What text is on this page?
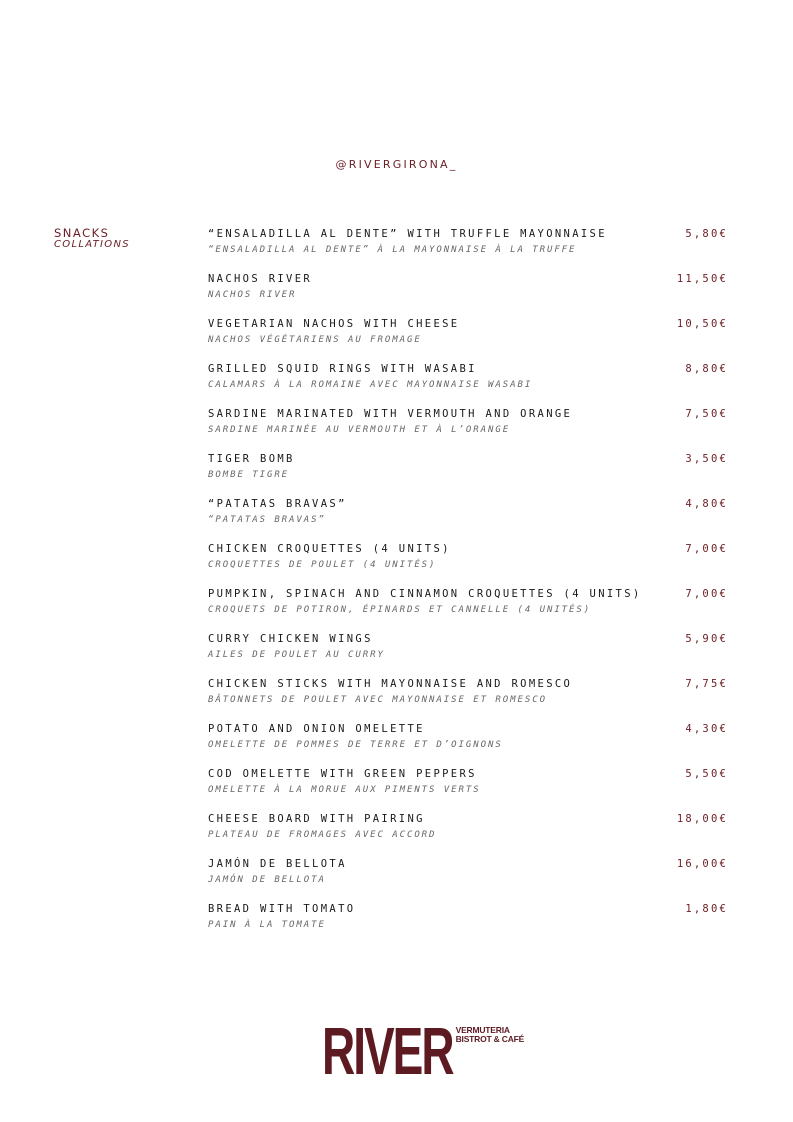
@RIVERGIRONA_
SNACKS
COLLATIONS
“ENSALADILLA AL DENTE” WITH TRUFFLE MAYONNAISE
“ENSALADILLA AL DENTE” À LA MAYONNAISE À LA TRUFFE
5,80€
NACHOS RIVER
NACHOS RIVER
11,50€
VEGETARIAN NACHOS WITH CHEESE
NACHOS VÉGÉTARIENS AU FROMAGE
10,50€
GRILLED SQUID RINGS WITH WASABI
CALAMARS À LA ROMAINE AVEC MAYONNAISE WASABI
8,80€
SARDINE MARINATED WITH VERMOUTH AND ORANGE
SARDINE MARINÉE AU VERMOUTH ET À L’ORANGE
7,50€
TIGER BOMB
BOMBE TIGRE
3,50€
“PATATAS BRAVAS”
“PATATAS BRAVAS”
4,80€
CHICKEN CROQUETTES (4 UNITS)
CROQUETTES DE POULET (4 UNITÉS)
7,00€
PUMPKIN, SPINACH AND CINNAMON CROQUETTES (4 UNITS)
CROQUETS DE POTIRON, ÉPINARDS ET CANNELLE (4 UNITÉS)
7,00€
CURRY CHICKEN WINGS
AILES DE POULET AU CURRY
5,90€
CHICKEN STICKS WITH MAYONNAISE AND ROMESCO
BÂTONNETS DE POULET AVEC MAYONNAISE ET ROMESCO
7,75€
POTATO AND ONION OMELETTE
OMELETTE DE POMMES DE TERRE ET D’OIGNONS
4,30€
COD OMELETTE WITH GREEN PEPPERS
OMELETTE À LA MORUE AUX PIMENTS VERTS
5,50€
CHEESE BOARD WITH PAIRING
PLATEAU DE FROMAGES AVEC ACCORD
18,00€
JAMÓN DE BELLOTA
JAMÓN DE BELLOTA
16,00€
BREAD WITH TOMATO
PAIN À LA TOMATE
1,80€
RIVER VERMUTERIA
BISTROT & CAFÉ
